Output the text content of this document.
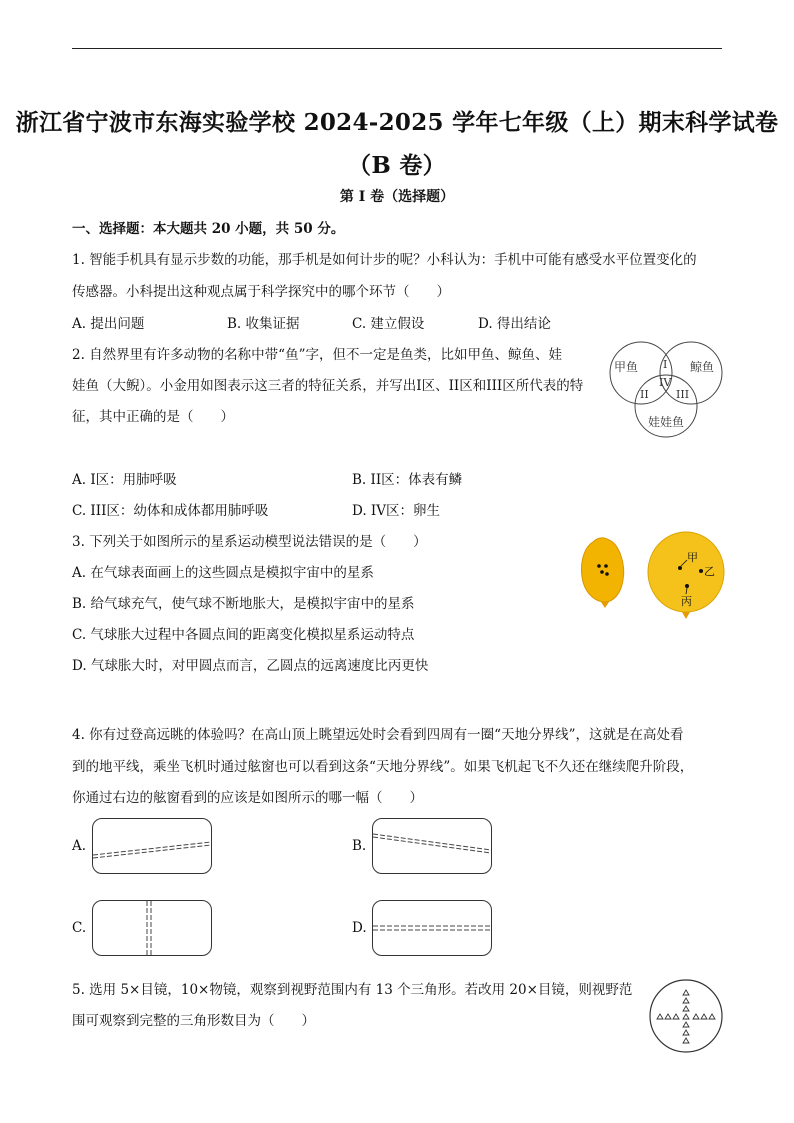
浙江省宁波市东海实验学校 2024-2025 学年七年级（上）期末科学试卷
（B 卷）
第 I 卷（选择题）
一、选择题：本大题共 20 小题，共 50 分。
1. 智能手机具有显示步数的功能，那手机是如何计步的呢？小科认为：手机中可能有感受水平位置变化的
传感器。小科提出这种观点属于科学探究中的哪个环节（　　）
A. 提出问题	B. 收集证据	C. 建立假设	D. 得出结论
2. 自然界里有许多动物的名称中带“鱼”字，但不一定是鱼类，比如甲鱼、鲸鱼、娃
娃鱼（大鲵）。小金用如图表示这三者的特征关系，并写出I区、II区和III区所代表的特
征，其中正确的是（　　）
甲鱼	鲸鱼
娃娃鱼
I
II III
IV
A. I区：用肺呼吸	B. II区：体表有鳞
C. III区：幼体和成体都用肺呼吸	D. IV区：卵生
3. 下列关于如图所示的星系运动模型说法错误的是（　　）
A. 在气球表面画上的这些圆点是模拟宇宙中的星系
B. 给气球充气，使气球不断地胀大，是模拟宇宙中的星系
C. 气球胀大过程中各圆点间的距离变化模拟星系运动特点
D. 气球胀大时，对甲圆点而言，乙圆点的远离速度比丙更快
甲
乙
丙
4. 你有过登高远眺的体验吗？在高山顶上眺望远处时会看到四周有一圈“天地分界线”，这就是在高处看
到的地平线，乘坐飞机时通过舷窗也可以看到这条“天地分界线”。如果飞机起飞不久还在继续爬升阶段，
你通过右边的舷窗看到的应该是如图所示的哪一幅（　　）
A.	B.
C.	D.
5. 选用 5×目镜，10×物镜，观察到视野范围内有 13 个三角形。若改用 20×目镜，则视野范
围可观察到完整的三角形数目为（　　）
